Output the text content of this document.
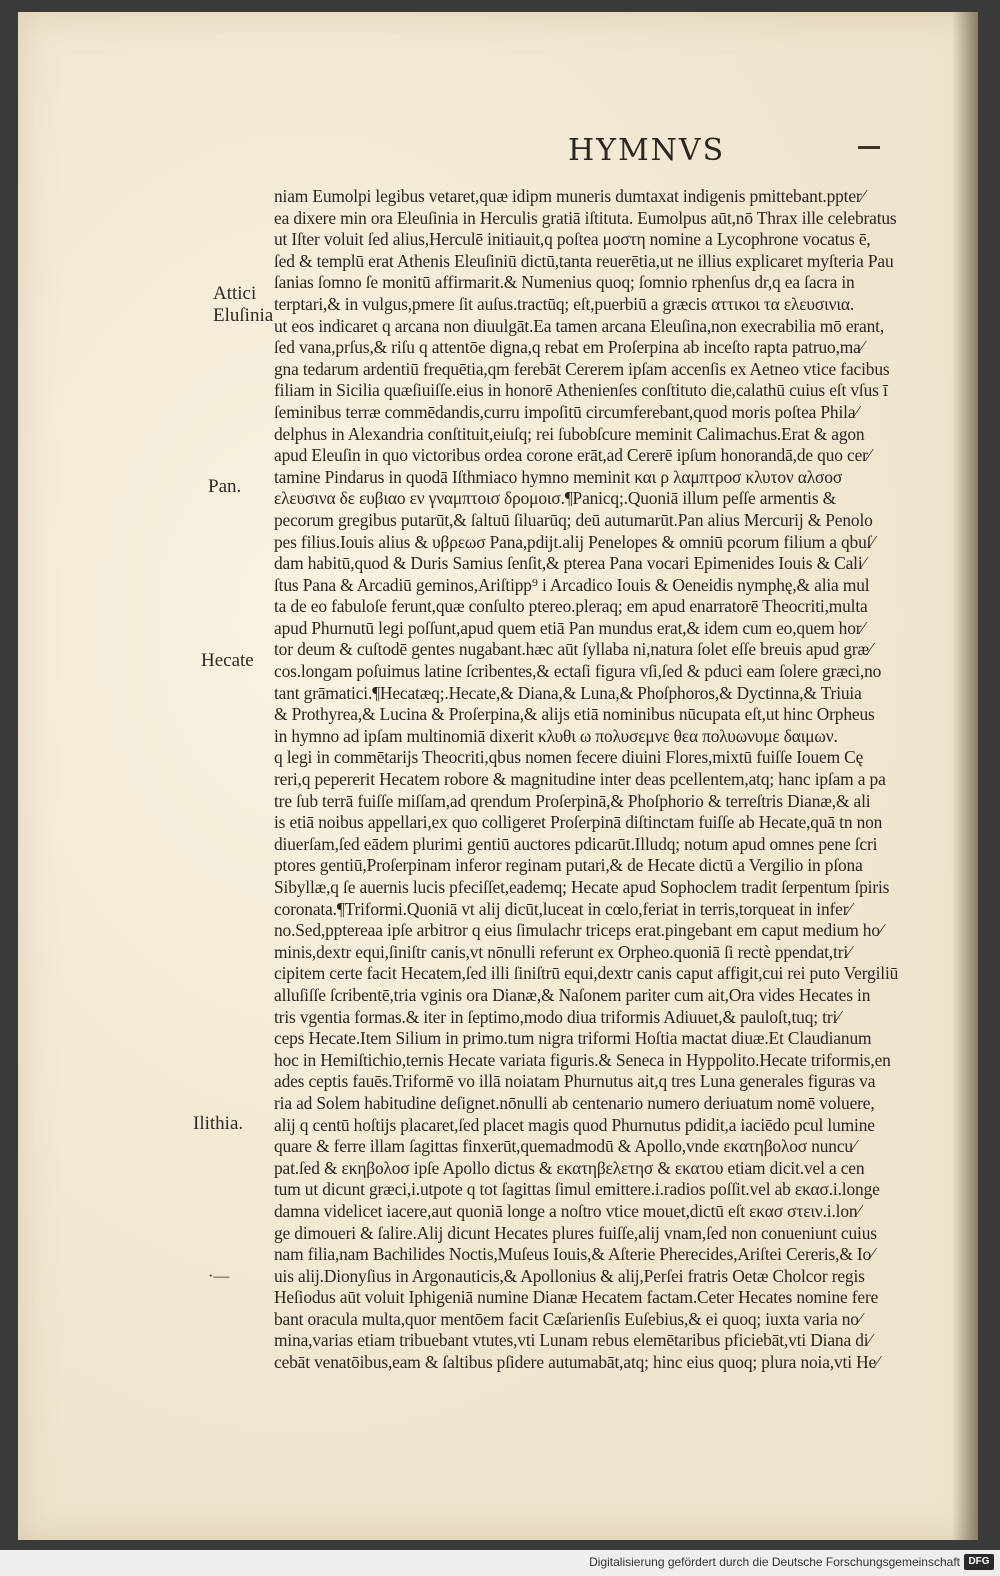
HYMNVS
Attici
Eluſinia
Pan.
Hecate
Ilithia.
·—
niam Eumolpi legibus vetaret,quæ idipm muneris dumtaxat indigenis pmittebant.ppter⁄
ea dixere min ora Eleuſinia in Herculis gratiā iſtituta. Eumolpus aūt,nō Thrax ille celebratus
ut Iſter voluit ſed alius,Herculē initiauit,q poſtea μοστη nomine a Lycophrone vocatus ē,
ſed & templū erat Athenis Eleuſiniū dictū,tanta reuerētia,ut ne illius explicaret myſteria Pau
ſanias ſomno ſe monitū affirmarit.& Numenius quoq; ſomnio rphenſus dr,q ea ſacra in
terptari,& in vulgus,pmere ſit auſus.tractūq; eſt,puerbiū a græcis αττικοι τα ελευσινια.
ut eos indicaret q arcana non diuulgāt.Ea tamen arcana Eleuſina,non execrabilia mō erant,
ſed vana,prſus,& riſu q attentōe digna,q rebat em Proſerpina ab inceſto rapta patruo,ma⁄
gna tedarum ardentiū frequētia,qm ferebāt Cererem ipſam accenſis ex Aetneo vtice facibus
filiam in Sicilia quæſiuiſſe.eius in honorē Athenienſes conſtituto die,calathū cuius eſt vſus ī
ſeminibus terræ commēdandis,curru impoſitū circumferebant,quod moris poſtea Phila⁄
delphus in Alexandria conſtituit,eiuſq; rei ſubobſcure meminit Calimachus.Erat & agon
apud Eleuſin in quo victoribus ordea corone erāt,ad Cererē ipſum honorandā,de quo cer⁄
tamine Pindarus in quodā Iſthmiaco hymno meminit και ρ λαμπτροσ κλυτον αλσοσ
ελευσινα δε ευβιαο εν γναμπτοισ δρομοισ.¶Panicq;.Quoniā illum peſſe armentis &
pecorum gregibus putarūt,& ſaltuū ſiluarūq; deū autumarūt.Pan alius Mercurij & Penolo
pes filius.Iouis alius & υβρεωσ Pana,pdijt.alij Penelopes & omniū pcorum filium a qbuſ⁄
dam habitū,quod & Duris Samius ſenſit,& pterea Pana vocari Epimenides Iouis & Cali⁄
ſtus Pana & Arcadiū geminos,Ariſtipp⁹ i Arcadico Iouis & Oeneidis nymphę,& alia mul
ta de eo fabuloſe ferunt,quæ conſulto ptereo.pleraq; em apud enarratorē Theocriti,multa
apud Phurnutū legi poſſunt,apud quem etiā Pan mundus erat,& idem cum eo,quem hor⁄
tor deum & cuſtodē gentes nugabant.hæc aūt ſyllaba ni,natura ſolet eſſe breuis apud græ⁄
cos.longam poſuimus latine ſcribentes,& ectaſi figura vſi,ſed & pduci eam ſolere græci,no
tant grāmatici.¶Hecatæq;.Hecate,& Diana,& Luna,& Phoſphoros,& Dyctinna,& Triuia
& Prothyrea,& Lucina & Proſerpina,& alijs etiā nominibus nūcupata eſt,ut hinc Orpheus
in hymno ad ipſam multinomiā dixerit κλυθι ω πολυσεμνε θεα πολυωνυμε δαιμων.
q legi in commētarijs Theocriti,qbus nomen fecere diuini Flores,mixtū fuiſſe Iouem Cę
reri,q pepererit Hecatem robore & magnitudine inter deas pcellentem,atq; hanc ipſam a pa
tre ſub terrā fuiſſe miſſam,ad qrendum Proſerpinā,& Phoſphorio & terreſtris Dianæ,& ali
is etiā noibus appellari,ex quo colligeret Proſerpinā diſtinctam fuiſſe ab Hecate,quā tn non
diuerſam,ſed eādem plurimi gentiū auctores pdicarūt.Illudq; notum apud omnes pene ſcri
ptores gentiū,Proſerpinam inferor reginam putari,& de Hecate dictū a Vergilio in pſona
Sibyllæ,q ſe auernis lucis pfeciſſet,eademq; Hecate apud Sophoclem tradit ſerpentum ſpiris
coronata.¶Triformi.Quoniā vt alij dicūt,luceat in cœlo,feriat in terris,torqueat in infer⁄
no.Sed,pptereaa ipſe arbitror q eius ſimulachr triceps erat.pingebant em caput medium ho⁄
minis,dextr equi,ſiniſtr canis,vt nōnulli referunt ex Orpheo.quoniā ſi rectè ppendat,tri⁄
cipitem certe facit Hecatem,ſed illi ſiniſtrū equi,dextr canis caput affigit,cui rei puto Vergiliū
alluſiſſe ſcribentē,tria vginis ora Dianæ,& Naſonem pariter cum ait,Ora vides Hecates in
tris vgentia formas.& iter in ſeptimo,modo diua triformis Adiuuet,& pauloſt,tuq; tri⁄
ceps Hecate.Item Silium in primo.tum nigra triformi Hoſtia mactat diuæ.Et Claudianum
hoc in Hemiſtichio,ternis Hecate variata figuris.& Seneca in Hyppolito.Hecate triformis,en
ades ceptis fauēs.Triformē vo illā noiatam Phurnutus ait,q tres Luna generales figuras va
ria ad Solem habitudine deſignet.nōnulli ab centenario numero deriuatum nomē voluere,
alij q centū hoſtijs placaret,ſed placet magis quod Phurnutus pdidit,a iaciēdo pcul lumine
quare & ferre illam ſagittas finxerūt,quemadmodū & Apollo,vnde εκατηβολοσ nuncu⁄
pat.ſed & εκηβολοσ ipſe Apollo dictus & εκατηβελετησ & εκατου etiam dicit.vel a cen
tum ut dicunt græci,i.utpote q tot ſagittas ſimul emittere.i.radios poſſit.vel ab εκασ.i.longe
damna videlicet iacere,aut quoniā longe a noſtro vtice mouet,dictū eſt εκασ στειν.i.lon⁄
ge dimoueri & ſalire.Alij dicunt Hecates plures fuiſſe,alij vnam,ſed non conueniunt cuius
nam filia,nam Bachilides Noctis,Muſeus Iouis,& Aſterie Pherecides,Ariſtei Cereris,& Io⁄
uis alij.Dionyſius in Argonauticis,& Apollonius & alij,Perſei fratris Oetæ Cholcor regis
Heſiodus aūt voluit Iphigeniā numine Dianæ Hecatem factam.Ceter Hecates nomine fere
bant oracula multa,quor mentōem facit Cæſarienſis Euſebius,& ei quoq; iuxta varia no⁄
mina,varias etiam tribuebant vtutes,vti Lunam rebus elemētaribus pficiebāt,vti Diana di⁄
cebāt venatōibus,eam & ſaltibus pſidere autumabāt,atq; hinc eius quoq; plura noia,vti He⁄
Digitalisierung gefördert durch die Deutsche Forschungsgemeinschaft DFG
